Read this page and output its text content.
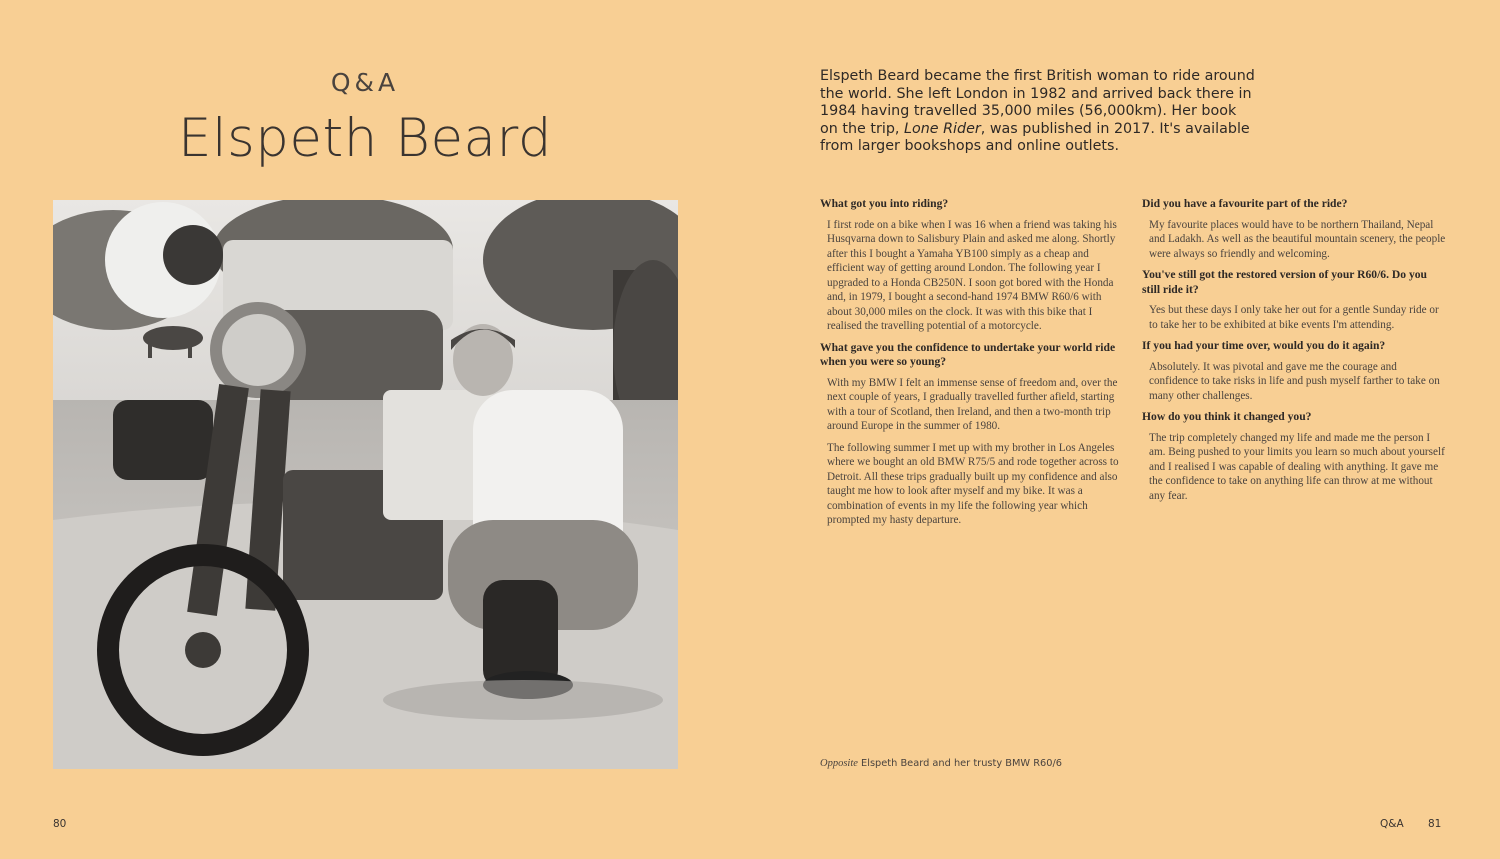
Q&A
Elspeth Beard
80
Elspeth Beard became the first British woman to ride around the world. She left London in 1982 and arrived back there in 1984 having travelled 35,000 miles (56,000km). Her book on the trip, Lone Rider, was published in 2017. It's available from larger bookshops and online outlets.

What got you into riding?

I first rode on a bike when I was 16 when a friend was taking his Husqvarna down to Salisbury Plain and asked me along. Shortly after this I bought a Yamaha YB100 simply as a cheap and efficient way of getting around London. The following year I upgraded to a Honda CB250N. I soon got bored with the Honda and, in 1979, I bought a second-hand 1974 BMW R60/6 with about 30,000 miles on the clock. It was with this bike that I realised the travelling potential of a motorcycle.

What gave you the confidence to undertake your world ride when you were so young?

With my BMW I felt an immense sense of freedom and, over the next couple of years, I gradually travelled further afield, starting with a tour of Scotland, then Ireland, and then a two-month trip around Europe in the summer of 1980.

The following summer I met up with my brother in Los Angeles where we bought an old BMW R75/5 and rode together across to Detroit. All these trips gradually built up my confidence and also taught me how to look after myself and my bike. It was a combination of events in my life the following year which prompted my hasty departure.

Did you have a favourite part of the ride?

My favourite places would have to be northern Thailand, Nepal and Ladakh. As well as the beautiful mountain scenery, the people were always so friendly and welcoming.

You've still got the restored version of your R60/6. Do you still ride it?

Yes but these days I only take her out for a gentle Sunday ride or to take her to be exhibited at bike events I'm attending.

If you had your time over, would you do it again?

Absolutely. It was pivotal and gave me the courage and confidence to take risks in life and push myself farther to take on many other challenges.

How do you think it changed you?

The trip completely changed my life and made me the person I am. Being pushed to your limits you learn so much about yourself and I realised I was capable of dealing with anything. It gave me the confidence to take on anything life can throw at me without any fear.

Opposite Elspeth Beard and her trusty BMW R60/6
Q&A 81
